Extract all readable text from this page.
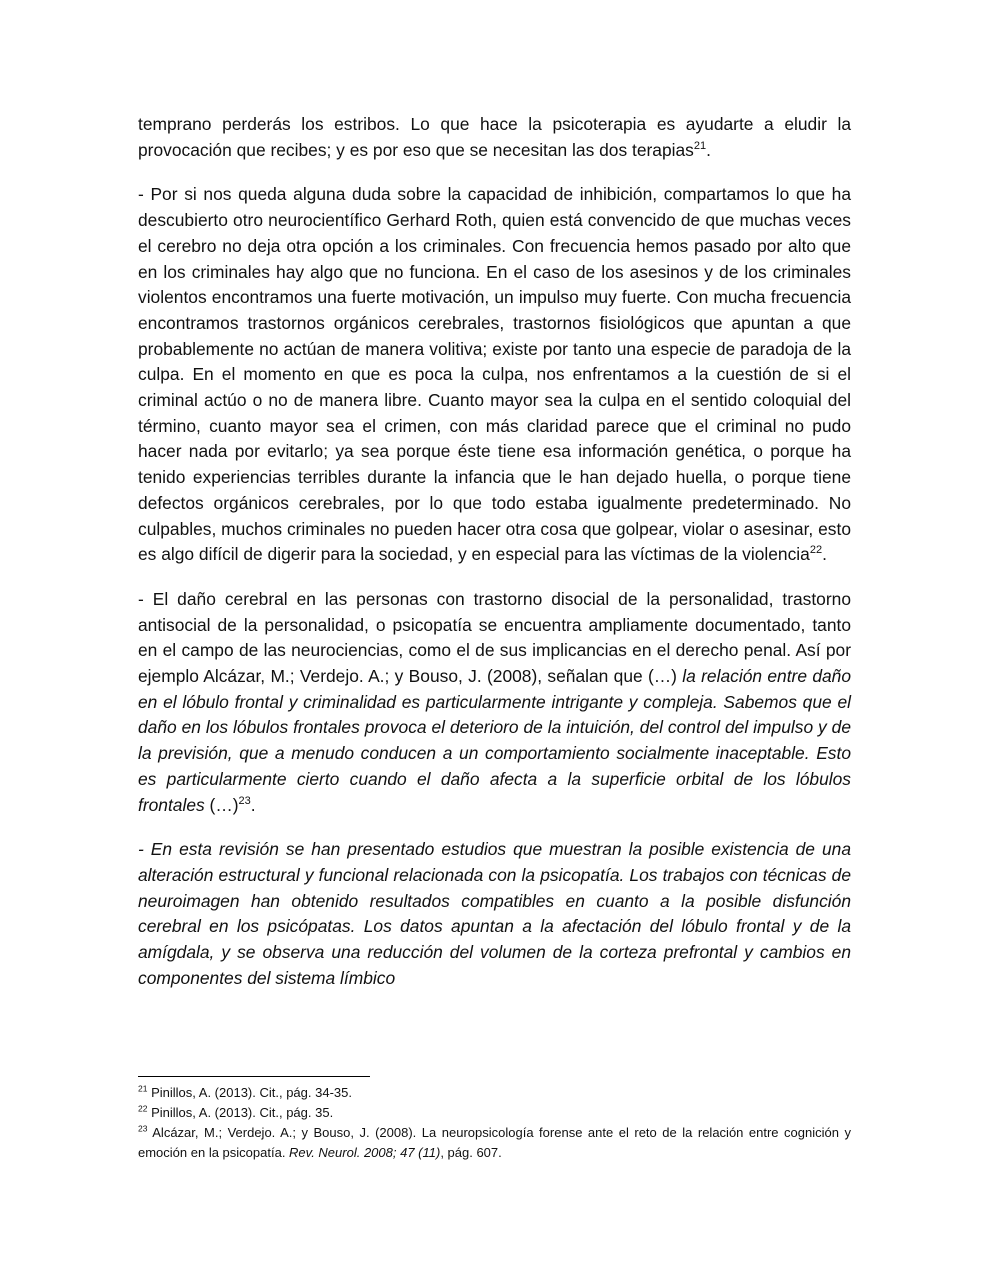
temprano perderás los estribos. Lo que hace la psicoterapia es ayudarte a eludir la provocación que recibes; y es por eso que se necesitan las dos terapias$^{21}$.

- Por si nos queda alguna duda sobre la capacidad de inhibición, compartamos lo que ha descubierto otro neurocientífico Gerhard Roth, quien está convencido de que muchas veces el cerebro no deja otra opción a los criminales. Con frecuencia hemos pasado por alto que en los criminales hay algo que no funciona. En el caso de los asesinos y de los criminales violentos encontramos una fuerte motivación, un impulso muy fuerte. Con mucha frecuencia encontramos trastornos orgánicos cerebrales, trastornos fisiológicos que apuntan a que probablemente no actúan de manera volitiva; existe por tanto una especie de paradoja de la culpa. En el momento en que es poca la culpa, nos enfrentamos a la cuestión de si el criminal actúo o no de manera libre. Cuanto mayor sea la culpa en el sentido coloquial del término, cuanto mayor sea el crimen, con más claridad parece que el criminal no pudo hacer nada por evitarlo; ya sea porque éste tiene esa información genética, o porque ha tenido experiencias terribles durante la infancia que le han dejado huella, o porque tiene defectos orgánicos cerebrales, por lo que todo estaba igualmente predeterminado. No culpables, muchos criminales no pueden hacer otra cosa que golpear, violar o asesinar, esto es algo difícil de digerir para la sociedad, y en especial para las víctimas de la violencia$^{22}$.

- El daño cerebral en las personas con trastorno disocial de la personalidad, trastorno antisocial de la personalidad, o psicopatía se encuentra ampliamente documentado, tanto en el campo de las neurociencias, como el de sus implicancias en el derecho penal. Así por ejemplo Alcázar, M.; Verdejo. A.; y Bouso, J. (2008), señalan que (…) la relación entre daño en el lóbulo frontal y criminalidad es particularmente intrigante y compleja. Sabemos que el daño en los lóbulos frontales provoca el deterioro de la intuición, del control del impulso y de la previsión, que a menudo conducen a un comportamiento socialmente inaceptable. Esto es particularmente cierto cuando el daño afecta a la superficie orbital de los lóbulos frontales (…)$^{23}$.

- En esta revisión se han presentado estudios que muestran la posible existencia de una alteración estructural y funcional relacionada con la psicopatía. Los trabajos con técnicas de neuroimagen han obtenido resultados compatibles en cuanto a la posible disfunción cerebral en los psicópatas. Los datos apuntan a la afectación del lóbulo frontal y de la amígdala, y se observa una reducción del volumen de la corteza prefrontal y cambios en componentes del sistema límbico

$^{21}$ Pinillos, A. (2013). Cit., pág. 34-35.

$^{22}$ Pinillos, A. (2013). Cit., pág. 35.

$^{23}$ Alcázar, M.; Verdejo. A.; y Bouso, J. (2008). La neuropsicología forense ante el reto de la relación entre cognición y emoción en la psicopatía. Rev. Neurol. 2008; 47 (11), pág. 607.
